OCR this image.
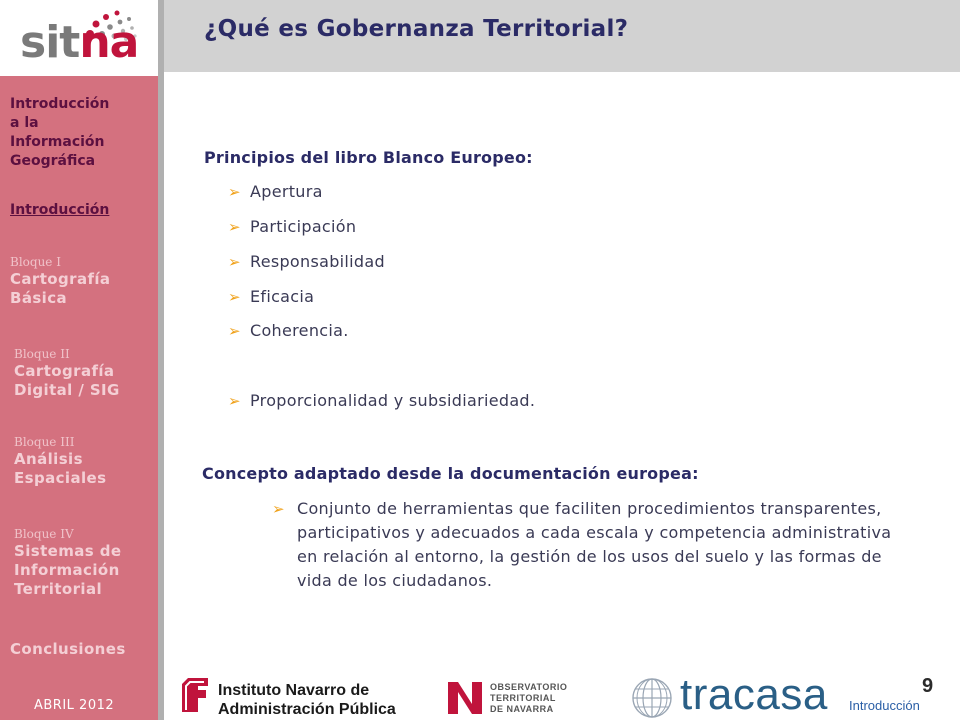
sitna
Introducción
a la
Información
Geográfica
Introducción
Bloque I
Cartografía
Básica
Bloque II
Cartografía
Digital / SIG
Bloque III
Análisis
Espaciales
Bloque IV
Sistemas de
Información
Territorial
Conclusiones
ABRIL 2012
¿Qué es Gobernanza Territorial?
Principios del libro Blanco Europeo:
➢ Apertura
➢ Participación
➢ Responsabilidad
➢ Eficacia
➢ Coherencia.
➢ Proporcionalidad y subsidiariedad.
Concepto adaptado desde la documentación europea:
➢ Conjunto de herramientas que faciliten procedimientos transparentes, participativos y adecuados a cada escala y competencia administrativa en relación al entorno, la gestión de los usos del suelo y las formas de vida de los ciudadanos.
Instituto Navarro de
Administración Pública
OBSERVATORIO
TERRITORIAL
DE NAVARRA	tracasa	9
Introducción
